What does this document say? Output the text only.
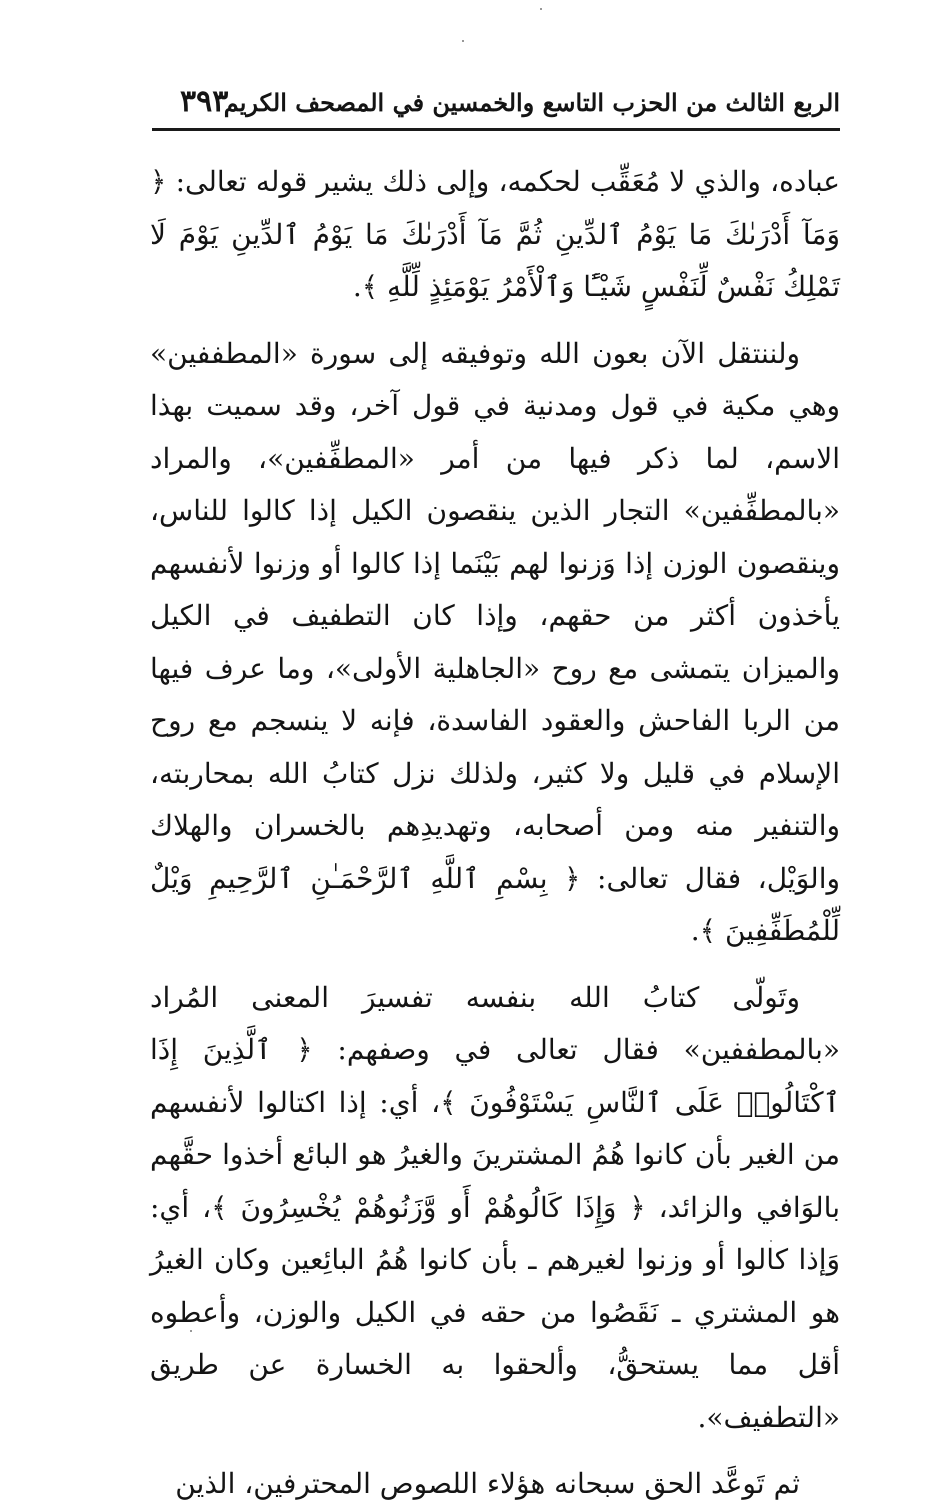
الربع الثالث من الحزب التاسع والخمسين في المصحف الكريم
٣٩٣

عباده، والذي لا مُعَقِّب لحكمه، وإلى ذلك يشير قوله تعالى: ﴿ وَمَآ أَدْرَىٰكَ مَا يَوْمُ ٱلدِّينِ ثُمَّ مَآ أَدْرَىٰكَ مَا يَوْمُ ٱلدِّينِ يَوْمَ لَا تَمْلِكُ نَفْسٌ لِّنَفْسٍ شَيْـًٔا وَٱلْأَمْرُ يَوْمَئِذٍ لِّلَّهِ ﴾.

ولننتقل الآن بعون الله وتوفيقه إلى سورة «المطففين» وهي مكية في قول ومدنية في قول آخر، وقد سميت بهذا الاسم، لما ذكر فيها من أمر «المطفِّفين»، والمراد «بالمطفِّفين» التجار الذين ينقصون الكيل إذا كالوا للناس، وينقصون الوزن إذا وَزنوا لهم بَيْنَما إذا كالوا أو وزنوا لأنفسهم يأخذون أكثر من حقهم، وإذا كان التطفيف في الكيل والميزان يتمشى مع روح «الجاهلية الأولى»، وما عرف فيها من الربا الفاحش والعقود الفاسدة، فإنه لا ينسجم مع روح الإسلام في قليل ولا كثير، ولذلك نزل كتابُ الله بمحاربته، والتنفير منه ومن أصحابه، وتهديدِهم بالخسران والهلاك والوَيْل، فقال تعالى: ﴿ بِسْمِ ٱللَّهِ ٱلرَّحْمَـٰنِ ٱلرَّحِيمِ وَيْلٌ لِّلْمُطَفِّفِينَ ﴾.

وتَولّى كتابُ الله بنفسه تفسيرَ المعنى المُراد «بالمطففين» فقال تعالى في وصفهم: ﴿ ٱلَّذِينَ إِذَا ٱكْتَالُوا۟ عَلَى ٱلنَّاسِ يَسْتَوْفُونَ ﴾، أي: إذا اكتالوا لأنفسهم من الغير بأن كانوا هُمُ المشترينَ والغيرُ هو البائع أخذوا حقَّهم بالوَافي والزائد، ﴿ وَإِذَا كَالُوهُمْ أَو وَّزَنُوهُمْ يُخْسِرُونَ ﴾، أي: وَإذا كالوا أو وزنوا لغيرهم ـ بأن كانوا هُمُ البائِعين وكان الغيرُ هو المشتري ـ نَقَصُوا من حقه في الكيل والوزن، وأعطوه أقل مما يستحقُّ، وألحقوا به الخسارة عن طريق «التطفيف».

ثم تَوعَّد الحق سبحانه هؤلاء اللصوص المحترفين، الذين
